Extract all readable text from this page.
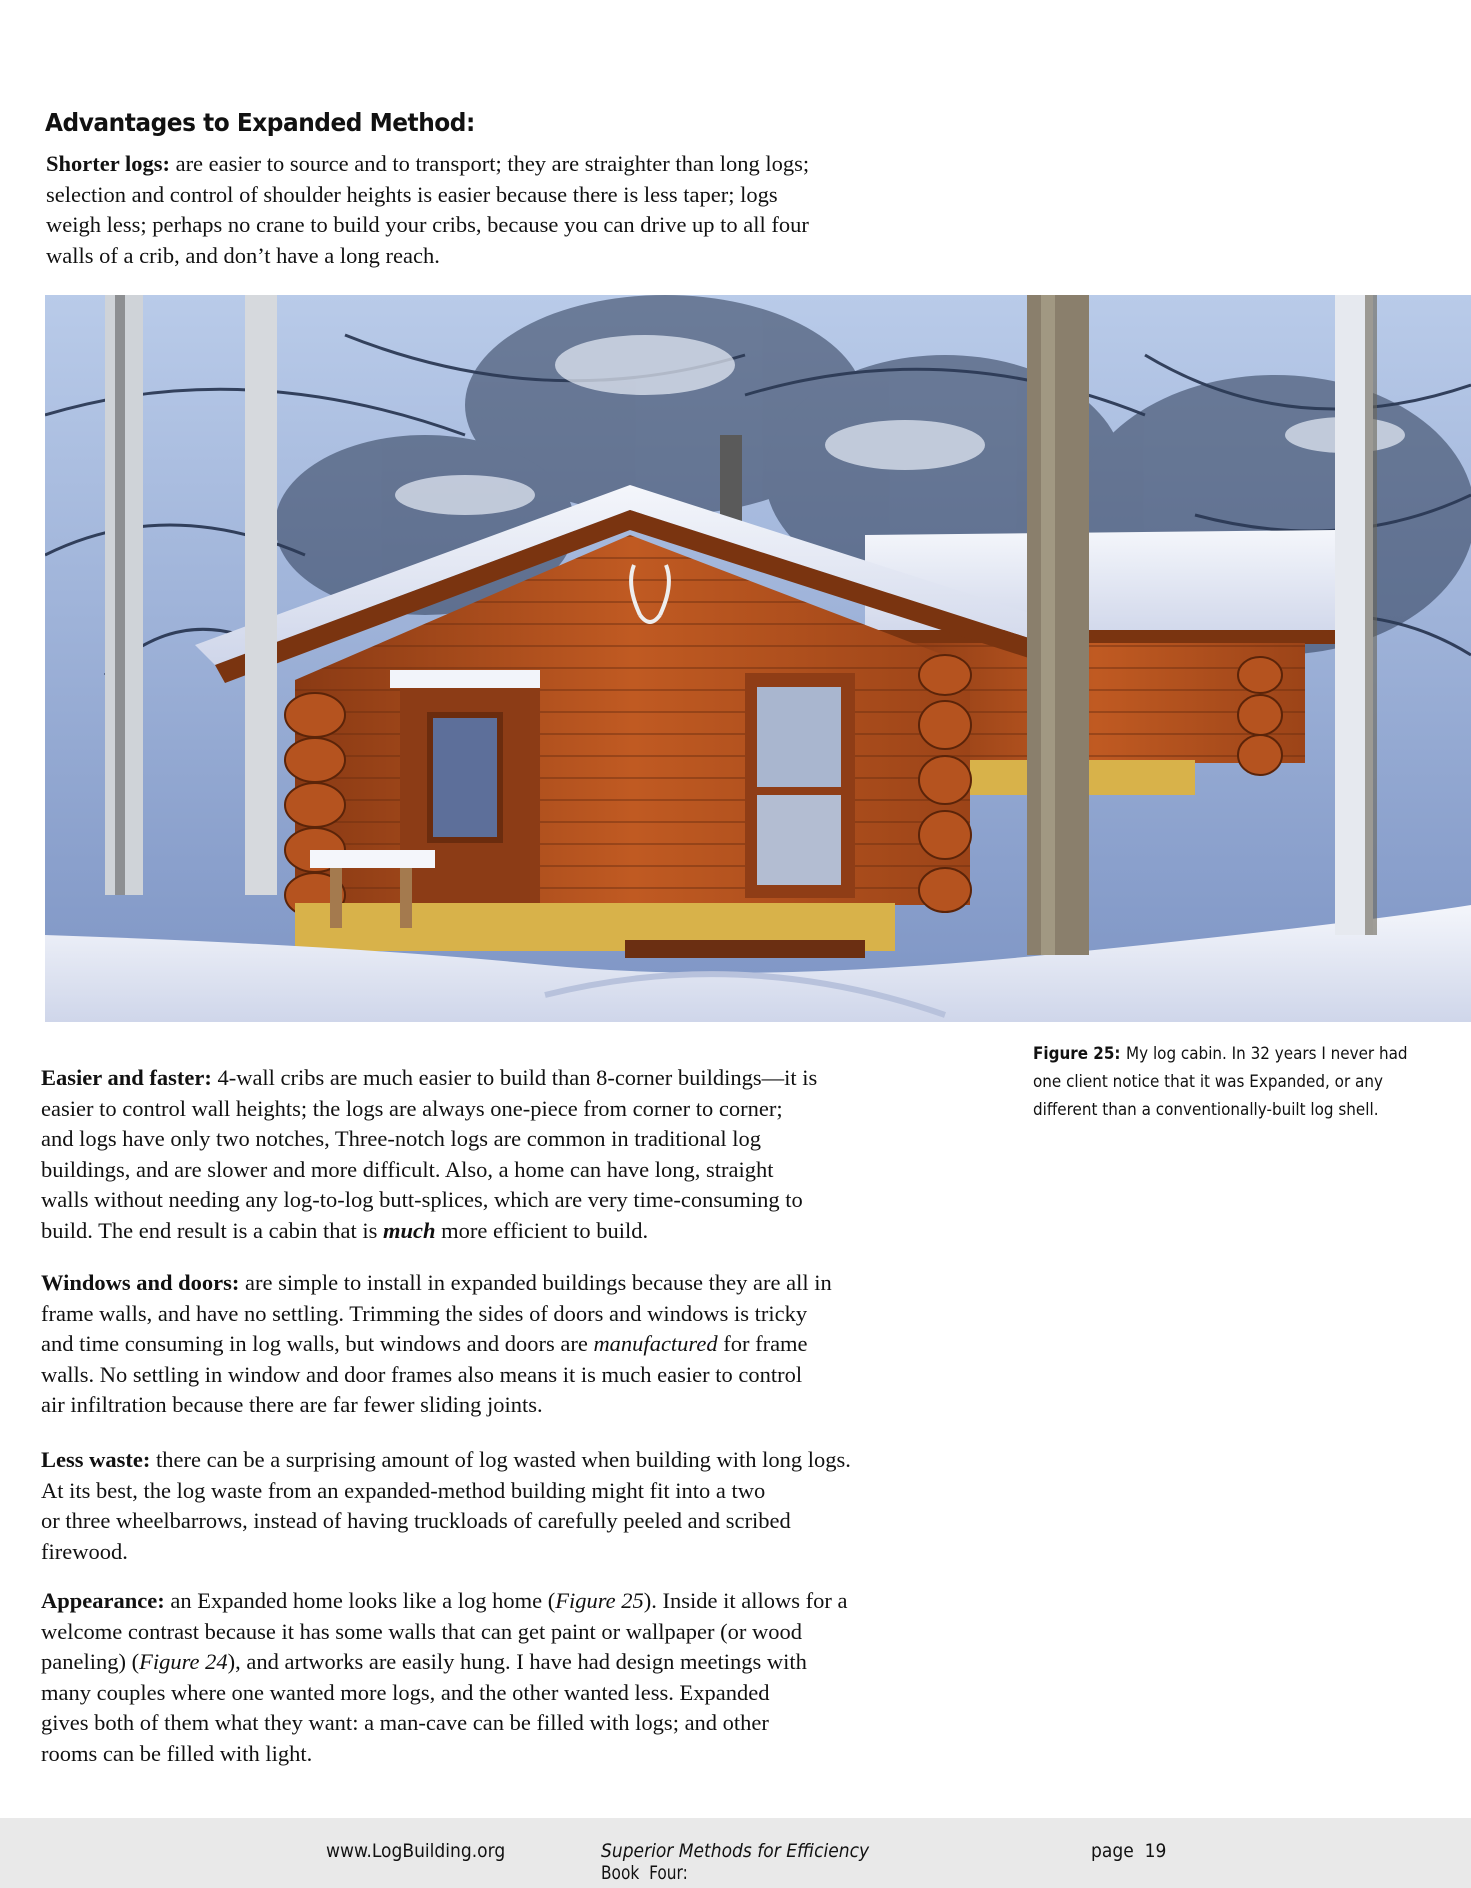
Advantages to Expanded Method:

Shorter logs: are easier to source and to transport; they are straighter than long logs;
selection and control of shoulder heights is easier because there is less taper; logs
weigh less; perhaps no crane to build your cribs, because you can drive up to all four
walls of a crib, and don’t have a long reach.

Figure 25: My log cabin. In 32 years I never had one client notice that it was Expanded, or any different than a conventionally-built log shell.

Easier and faster: 4-wall cribs are much easier to build than 8-corner buildings—it is
easier to control wall heights; the logs are always one-piece from corner to corner;
and logs have only two notches, Three-notch logs are common in traditional log
buildings, and are slower and more difficult. Also, a home can have long, straight
walls without needing any log-to-log butt-splices, which are very time-consuming to
build. The end result is a cabin that is much more efficient to build.

Windows and doors: are simple to install in expanded buildings because they are all in
frame walls, and have no settling. Trimming the sides of doors and windows is tricky
and time consuming in log walls, but windows and doors are manufactured for frame
walls. No settling in window and door frames also means it is much easier to control
air infiltration because there are far fewer sliding joints.

Less waste: there can be a surprising amount of log wasted when building with long logs.
At its best, the log waste from an expanded-method building might fit into a two
or three wheelbarrows, instead of having truckloads of carefully peeled and scribed
firewood.

Appearance: an Expanded home looks like a log home (Figure 25). Inside it allows for a
welcome contrast because it has some walls that can get paint or wallpaper (or wood
paneling) (Figure 24), and artworks are easily hung. I have had design meetings with
many couples where one wanted more logs, and the other wanted less. Expanded
gives both of them what they want: a man-cave can be filled with logs; and other
rooms can be filled with light.

www.LogBuilding.org
Book  Four:
Superior Methods for Efficiency	page  19
